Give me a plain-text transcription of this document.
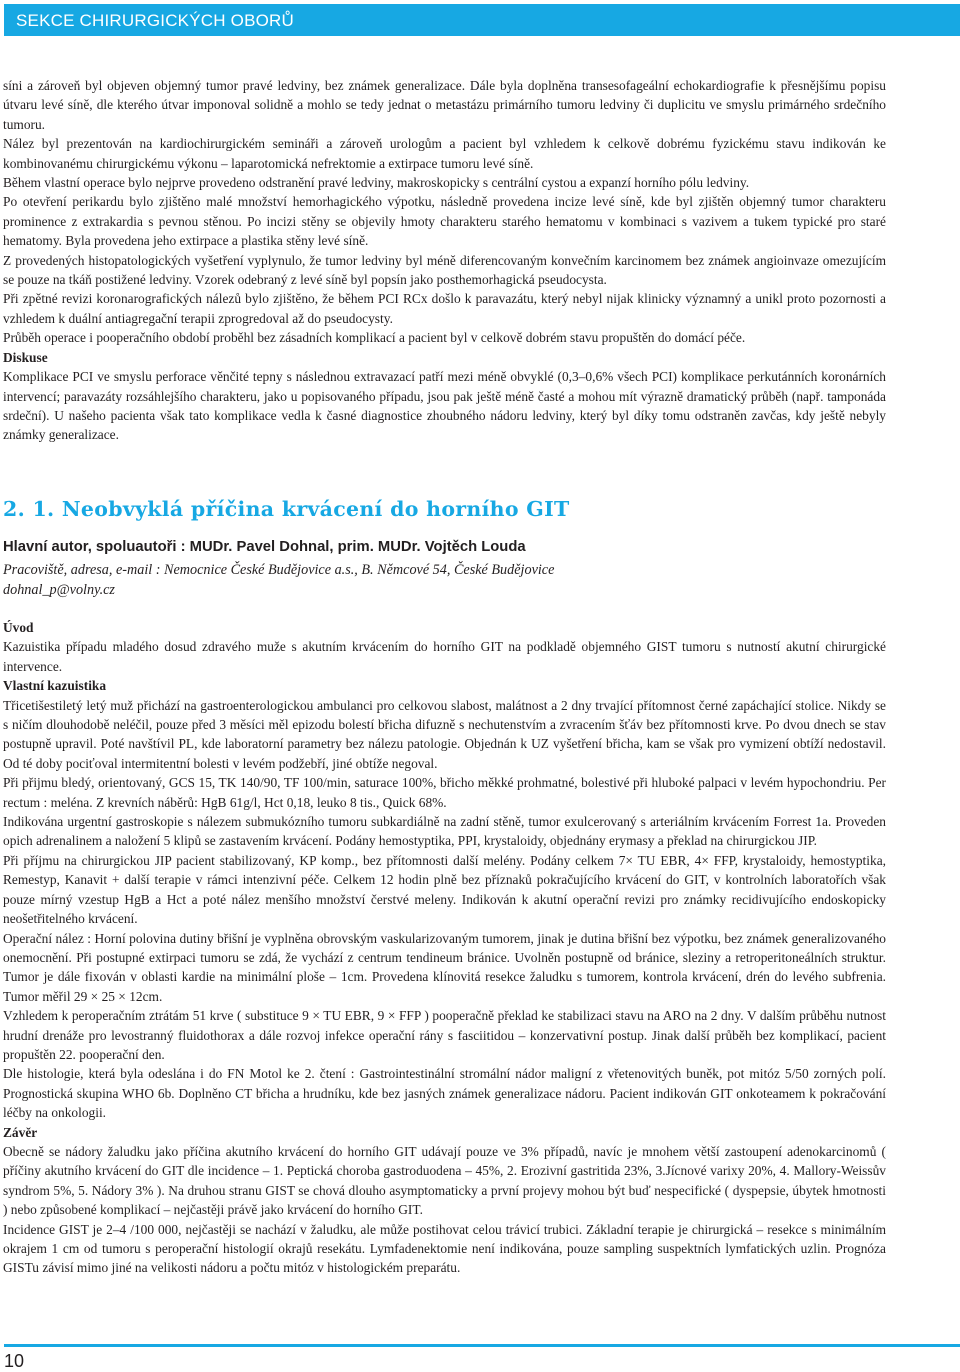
SEKCE CHIRURGICKÝCH OBORŮ

síni a zároveň byl objeven objemný tumor pravé ledviny, bez známek generalizace. Dále byla doplněna transesofageální echokardiografie k přesnějšímu popisu útvaru levé síně, dle kterého útvar imponoval solidně a mohlo se tedy jednat o metastázu primárního tumoru ledviny či duplicitu ve smyslu primárného srdečního tumoru.

Nález byl prezentován na kardiochirurgickém semináři a zároveň urologům a pacient byl vzhledem k celkově dobrému fyzickému stavu indikován ke kombinovanému chirurgickému výkonu – laparotomická nefrektomie a extirpace tumoru levé síně.

Během vlastní operace bylo nejprve provedeno odstranění pravé ledviny, makroskopicky s centrální cystou a expanzí horního pólu ledviny.

Po otevření perikardu bylo zjištěno malé množství hemorhagického výpotku, následně provedena incize levé síně, kde byl zjištěn objemný tumor charakteru prominence z extrakardia s pevnou stěnou. Po incizi stěny se objevily hmoty charakteru starého hematomu v kombinaci s vazivem a tukem typické pro staré hematomy. Byla provedena jeho extirpace a plastika stěny levé síně.

Z provedených histopatologických vyšetření vyplynulo, že tumor ledviny byl méně diferencovaným konvečním karcinomem bez známek angioinvaze omezujícím se pouze na tkáň postižené ledviny. Vzorek odebraný z levé síně byl popsín jako posthemorhagická pseudocysta.

Při zpětné revizi koronarografických nálezů bylo zjištěno, že během PCI RCx došlo k paravazátu, který nebyl nijak klinicky významný a unikl proto pozornosti a vzhledem k duální antiagregační terapii zprogredoval až do pseudocysty.

Průběh operace i pooperačního období proběhl bez zásadních komplikací a pacient byl v celkově dobrém stavu propuštěn do domácí péče.

Diskuse

Komplikace PCI ve smyslu perforace věnčité tepny s následnou extravazací patří mezi méně obvyklé (0,3–0,6% všech PCI) komplikace perkutánních koronárních intervencí; paravazáty rozsáhlejšího charakteru, jako u popisovaného případu, jsou pak ještě méně časté a mohou mít výrazně dramatický průběh (např. tamponáda srdeční). U našeho pacienta však tato komplikace vedla k časné diagnostice zhoubného nádoru ledviny, který byl díky tomu odstraněn zavčas, kdy ještě nebyly známky generalizace.

2. 1. Neobvyklá příčina krvácení do horního GIT
Hlavní autor, spoluautoři : MUDr. Pavel Dohnal, prim. MUDr. Vojtěch Louda
Pracoviště, adresa, e-mail : Nemocnice České Budějovice a.s., B. Němcové 54, České Budějovice
dohnal_p@volny.cz

Úvod

Kazuistika případu mladého dosud zdravého muže s akutním krvácením do horního GIT na podkladě objemného GIST tumoru s nutností akutní chirurgické intervence.

Vlastní kazuistika

Třicetišestiletý letý muž přichází na gastroenterologickou ambulanci pro celkovou slabost, malátnost a 2 dny trvající přítomnost černé zapáchající stolice. Nikdy se s ničím dlouhodobě neléčil, pouze před 3 měsíci měl epizodu bolestí břicha difuzně s nechutenstvím a zvracením šťáv bez přítomnosti krve. Po dvou dnech se stav postupně upravil. Poté navštívil PL, kde laboratorní parametry bez nálezu patologie. Objednán k UZ vyšetření břicha, kam se však pro vymizení obtíží nedostavil. Od té doby pociťoval intermitentní bolesti v levém podžebří, jiné obtíže negoval.

Při přijmu bledý, orientovaný, GCS 15, TK 140/90, TF 100/min, saturace 100%, břicho měkké prohmatné, bolestivé při hluboké palpaci v levém hypochondriu. Per rectum : meléna. Z krevních náběrů: HgB 61g/l, Hct 0,18, leuko 8 tis., Quick 68%.

Indikována urgentní gastroskopie s nálezem submukózního tumoru subkardiálně na zadní stěně, tumor exulcerovaný s arteriálním krvácením Forrest 1a. Proveden opich adrenalinem a naložení 5 klipů se zastavením krvácení. Podány hemostyptika, PPI, krystaloidy, objednány erymasy a překlad na chirurgickou JIP.

Při příjmu na chirurgickou JIP pacient stabilizovaný, KP komp., bez přítomnosti další melény. Podány celkem 7× TU EBR, 4× FFP, krystaloidy, hemostyptika, Remestyp, Kanavit + další terapie v rámci intenzivní péče. Celkem 12 hodin plně bez příznaků pokračujícího krvácení do GIT, v kontrolních laboratořích však pouze mírný vzestup HgB a Hct a poté nález menšího množství čerstvé meleny. Indikován k akutní operační revizi pro známky recidivujícího endoskopicky neošetřitelného krvácení.

Operační nález : Horní polovina dutiny břišní je vyplněna obrovským vaskularizovaným tumorem, jinak je dutina břišní bez výpotku, bez známek generalizovaného onemocnění. Při postupné extirpaci tumoru se zdá, že vychází z centrum tendineum bránice. Uvolněn postupně od bránice, sleziny a retroperitoneálních struktur. Tumor je dále fixován v oblasti kardie na minimální ploše – 1cm. Provedena klínovitá resekce žaludku s tumorem, kontrola krvácení, drén do levého subfrenia. Tumor měřil 29 × 25 × 12cm.

Vzhledem k peroperačním ztrátám 51 krve ( substituce 9 × TU EBR, 9 × FFP ) pooperačně překlad ke stabilizaci stavu na ARO na 2 dny. V dalším průběhu nutnost hrudní drenáže pro levostranný fluidothorax a dále rozvoj infekce operační rány s fasciitidou – konzervativní postup. Jinak další průběh bez komplikací, pacient propuštěn 22. pooperační den.

Dle histologie, která byla odeslána i do FN Motol ke 2. čtení : Gastrointestinální stromální nádor maligní z vřetenovitých buněk, pot mitóz 5/50 zorných polí. Prognostická skupina WHO 6b. Doplněno CT břicha a hrudníku, kde bez jasných známek generalizace nádoru. Pacient indikován GIT onkoteamem k pokračování léčby na onkologii.

Závěr

Obecně se nádory žaludku jako příčina akutního krvácení do horního GIT udávají pouze ve 3% případů, navíc je mnohem větší zastoupení adenokarcinomů ( příčiny akutního krvácení do GIT dle incidence – 1. Peptická choroba gastroduodena – 45%, 2. Erozivní gastritida 23%, 3.Jícnové varixy 20%, 4. Mallory-Weissův syndrom 5%, 5. Nádory 3% ). Na druhou stranu GIST se chová dlouho asymptomaticky a první projevy mohou být buď nespecifické ( dyspepsie, úbytek hmotnosti ) nebo způsobené komplikací – nejčastěji právě jako krvácení do horního GIT.

Incidence GIST je 2–4 /100 000, nejčastěji se nachází v žaludku, ale může postihovat celou trávicí trubici. Základní terapie je chirurgická – resekce s minimálním okrajem 1 cm od tumoru s peroperační histologií okrajů resekátu. Lymfadenektomie není indikována, pouze sampling suspektních lymfatických uzlin. Prognóza GISTu závisí mimo jiné na velikosti nádoru a počtu mitóz v histologickém preparátu.

10
